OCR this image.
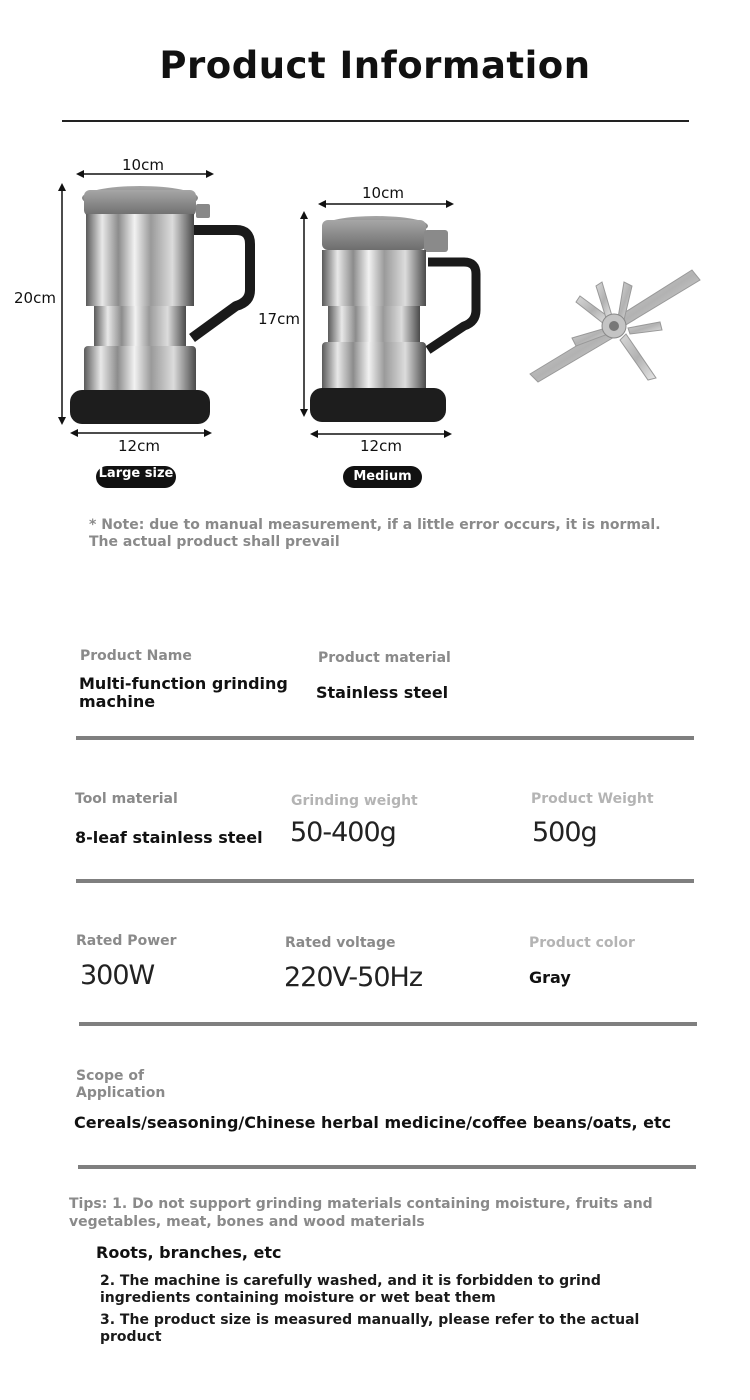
Product Information
10cm
20cm
12cm
Large size
10cm
17cm
12cm
Medium
* Note: due to manual measurement, if a little error occurs, it is normal.
The actual product shall prevail
Product Name
Multi-function grinding machine
Product material
Stainless steel
Tool material
8-leaf stainless steel
Grinding weight
50-400g
Product Weight
500g
Rated Power
300W
Rated voltage
220V-50Hz
Product color
Gray
Scope of Application
Cereals/seasoning/Chinese herbal medicine/coffee beans/oats, etc
Tips: 1. Do not support grinding materials containing moisture, fruits and vegetables, meat, bones and wood materials
Roots, branches, etc
2. The machine is carefully washed, and it is forbidden to grind ingredients containing moisture or wet beat them
3. The product size is measured manually, please refer to the actual product
